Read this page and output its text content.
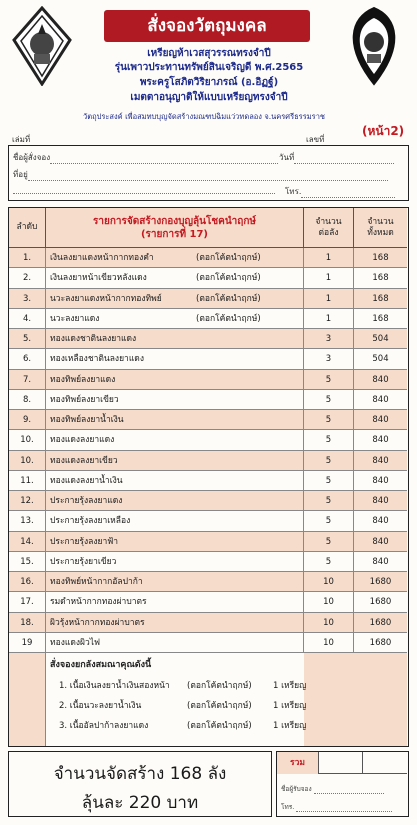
สั่งจองวัตถุมงคล
เหรียญห้าเวสสุวรรณทรงจำปี
รุ่นเพาวประทานทรัพย์สินเจริญดี พ.ศ.2565
พระครูโสภิตวิริยาภรณ์ (อ.อิฏฐ์)
เมตตาอนุญาติให้แบบเหรียญทรงจำปี
วัตถุประสงค์ เพื่อสมทบบุญจัดสร้างมณฑปฉิมแว่วทดลอง จ.นครศรีธรรมราช
(หน้า2)
เล่มที่	เลขที่
ชื่อผู้สั่งจอง	วันที่
ที่อยู่
โทร.
ลำดับ
รายการจัดสร้างกองบุญลุ้นโชคนำฤกษ์ (รายการที่ 17)
จำนวนต่อลัง
จำนวนทั้งหมด
1.	เงินลงยาแดงหน้ากากทองคำ	(ตอกโค้ตนำฤกษ์)	1	168
2.	เงินลงยาหน้าเขียวหลังแดง	(ตอกโค้ตนำฤกษ์)	1	168
3.	นวะลงยาแดงหน้ากากทองทิพย์	(ตอกโค้ตนำฤกษ์)	1	168
4.	นวะลงยาแดง	(ตอกโค้ตนำฤกษ์)	1	168
5.	ทองแดงชาตินลงยาแดง	3	504
6.	ทองเหลืองชาตินลงยาแดง	3	504
7.	ทองทิพย์ลงยาแดง	5	840
8.	ทองทิพย์ลงยาเขียว	5	840
9.	ทองทิพย์ลงยาน้ำเงิน	5	840
10.	ทองแดงลงยาแดง	5	840
10.	ทองแดงลงยาเขียว	5	840
11.	ทองแดงลงยาน้ำเงิน	5	840
12.	ประกายรุ้งลงยาแดง	5	840
13.	ประกายรุ้งลงยาเหลือง	5	840
14.	ประกายรุ้งลงยาฟ้า	5	840
15.	ประกายรุ้งยาเขียว	5	840
16.	ทองทิพย์หน้ากากอัลปาก้า	10	1680
17.	รมดำหน้ากากทองผ่าบาตร	10	1680
18.	ผิวรุ้งหน้ากากทองผ่าบาตร	10	1680
19	ทองแดงผิวไฟ	10	1680
สั่งจองยกลังสมณาคุณดังนี้
1. เนื้อเงินลงยาน้ำเงินสองหน้า (ตอกโค้ตนำฤกษ์)	1 เหรียญ
2. เนื้อนวะลงยาน้ำเงิน	(ตอกโค้ตนำฤกษ์)	1 เหรียญ
3. เนื้ออัลปาก้าลงยาแดง	(ตอกโค้ตนำฤกษ์)	1 เหรียญ
จำนวนจัดสร้าง 168 ลัง
ลุ้นละ 220 บาท
รวม
ชื่อผู้รับจอง
โทร.
